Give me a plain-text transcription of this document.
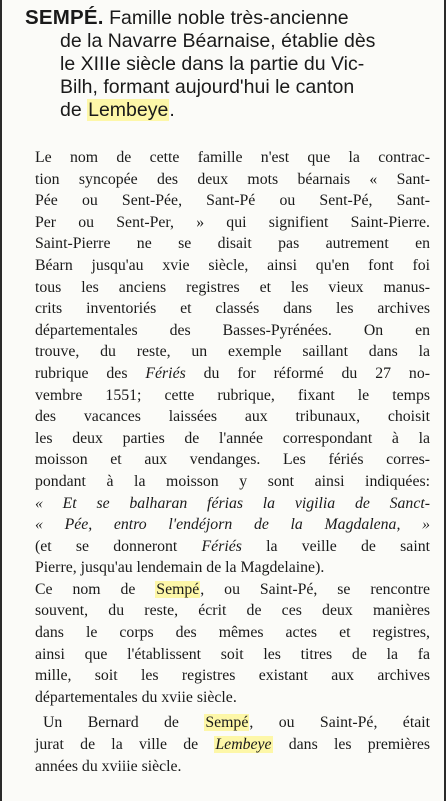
SEMPÉ. Famille noble très-ancienne
de la Navarre Béarnaise, établie dès
le XIIIe siècle dans la partie du Vic-
Bilh, formant aujourd'hui le canton
de Lembeye.
Le nom de cette famille n'est que la contrac-
tion syncopée des deux mots béarnais « Sant-
Pée ou Sent-Pée, Sant-Pé ou Sent-Pé, Sant-
Per ou Sent-Per, » qui signifient Saint-Pierre.
Saint-Pierre ne se disait pas autrement en
Béarn jusqu'au xvie siècle, ainsi qu'en font foi
tous les anciens registres et les vieux manus-
crits inventoriés et classés dans les archives
départementales des Basses-Pyrénées. On en
trouve, du reste, un exemple saillant dans la
rubrique des Fériés du for réformé du 27 no-
vembre 1551; cette rubrique, fixant le temps
des vacances laissées aux tribunaux, choisit
les deux parties de l'année correspondant à la
moisson et aux vendanges. Les fériés corres-
pondant à la moisson y sont ainsi indiquées:
« Et se balharan férias la vigilia de Sanct-
« Pée, entro l'endéjorn de la Magdalena, »
(et se donneront Fériés la veille de saint
Pierre, jusqu'au lendemain de la Magdelaine).
Ce nom de Sempé, ou Saint-Pé, se rencontre
souvent, du reste, écrit de ces deux manières
dans le corps des mêmes actes et registres,
ainsi que l'établissent soit les titres de la fa
mille, soit les registres existant aux archives
départementales du xviie siècle.
Un Bernard de Sempé, ou Saint-Pé, était
jurat de la ville de Lembeye dans les premières
années du xviiie siècle.
